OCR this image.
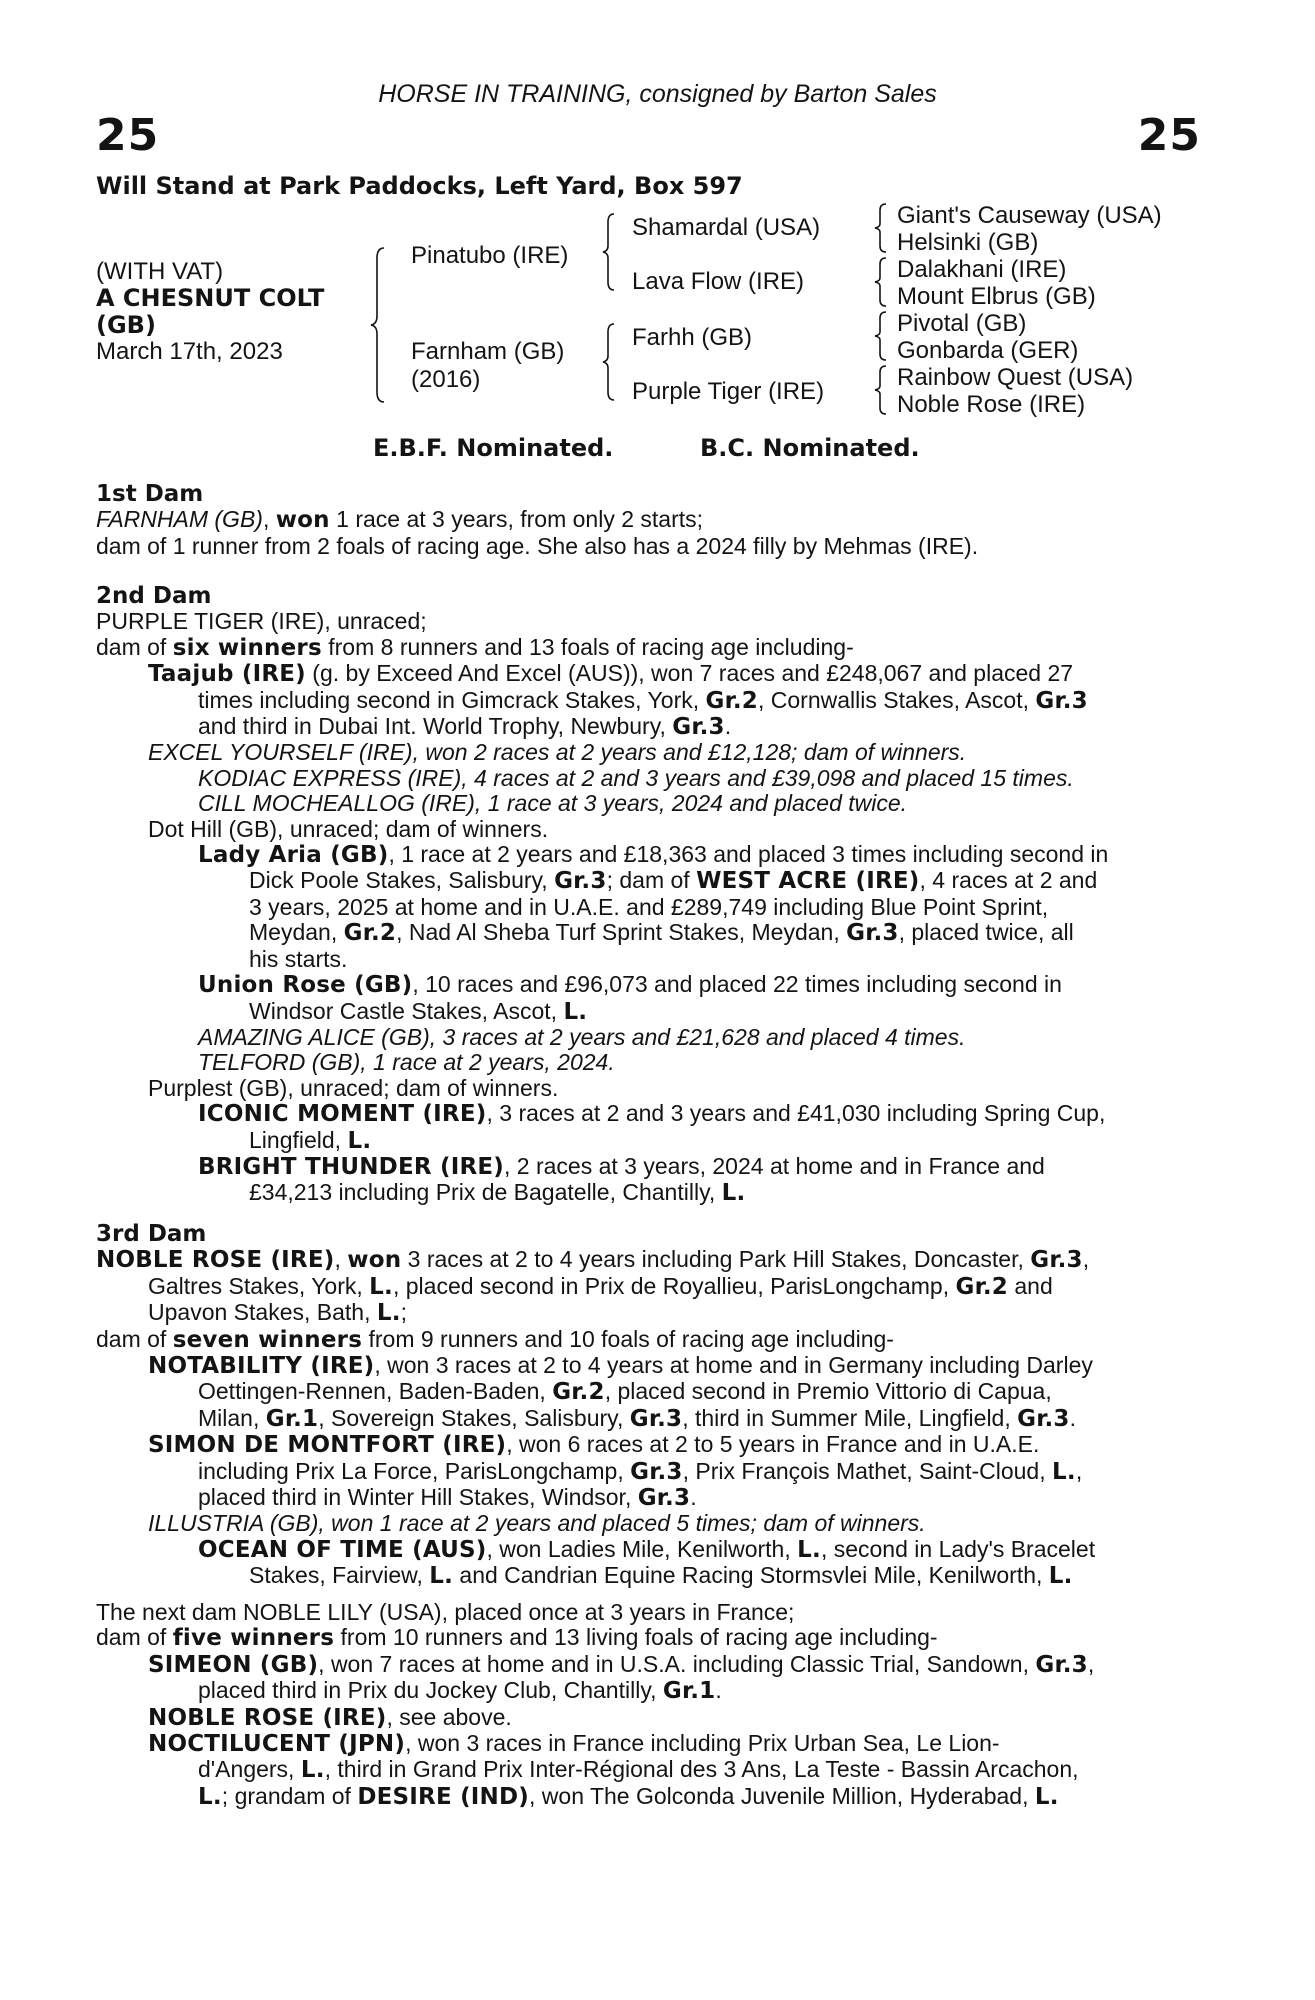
HORSE IN TRAINING, consigned by Barton Sales
25	25
Will Stand at Park Paddocks, Left Yard, Box 597
(WITH VAT)
A CHESNUT COLT
(GB)
March 17th, 2023
Pinatubo (IRE)
Farnham (GB)
(2016)
Shamardal (USA)
Lava Flow (IRE)
Farhh (GB)
Purple Tiger (IRE)
Giant's Causeway (USA)
Helsinki (GB)
Dalakhani (IRE)
Mount Elbrus (GB)
Pivotal (GB)
Gonbarda (GER)
Rainbow Quest (USA)
Noble Rose (IRE)
E.B.F. Nominated.	B.C. Nominated.
1st Dam
FARNHAM (GB), won 1 race at 3 years, from only 2 starts;
dam of 1 runner from 2 foals of racing age. She also has a 2024 filly by Mehmas (IRE).
2nd Dam
PURPLE TIGER (IRE), unraced;
dam of six winners from 8 runners and 13 foals of racing age including-
Taajub (IRE) (g. by Exceed And Excel (AUS)), won 7 races and £248,067 and placed 27
times including second in Gimcrack Stakes, York, Gr.2, Cornwallis Stakes, Ascot, Gr.3
and third in Dubai Int. World Trophy, Newbury, Gr.3.
EXCEL YOURSELF (IRE), won 2 races at 2 years and £12,128; dam of winners.
KODIAC EXPRESS (IRE), 4 races at 2 and 3 years and £39,098 and placed 15 times.
CILL MOCHEALLOG (IRE), 1 race at 3 years, 2024 and placed twice.
Dot Hill (GB), unraced; dam of winners.
Lady Aria (GB), 1 race at 2 years and £18,363 and placed 3 times including second in
Dick Poole Stakes, Salisbury, Gr.3; dam of WEST ACRE (IRE), 4 races at 2 and
3 years, 2025 at home and in U.A.E. and £289,749 including Blue Point Sprint,
Meydan, Gr.2, Nad Al Sheba Turf Sprint Stakes, Meydan, Gr.3, placed twice, all
his starts.
Union Rose (GB), 10 races and £96,073 and placed 22 times including second in
Windsor Castle Stakes, Ascot, L.
AMAZING ALICE (GB), 3 races at 2 years and £21,628 and placed 4 times.
TELFORD (GB), 1 race at 2 years, 2024.
Purplest (GB), unraced; dam of winners.
ICONIC MOMENT (IRE), 3 races at 2 and 3 years and £41,030 including Spring Cup,
Lingfield, L.
BRIGHT THUNDER (IRE), 2 races at 3 years, 2024 at home and in France and
£34,213 including Prix de Bagatelle, Chantilly, L.
3rd Dam
NOBLE ROSE (IRE), won 3 races at 2 to 4 years including Park Hill Stakes, Doncaster, Gr.3,
Galtres Stakes, York, L., placed second in Prix de Royallieu, ParisLongchamp, Gr.2 and
Upavon Stakes, Bath, L.;
dam of seven winners from 9 runners and 10 foals of racing age including-
NOTABILITY (IRE), won 3 races at 2 to 4 years at home and in Germany including Darley
Oettingen-Rennen, Baden-Baden, Gr.2, placed second in Premio Vittorio di Capua,
Milan, Gr.1, Sovereign Stakes, Salisbury, Gr.3, third in Summer Mile, Lingfield, Gr.3.
SIMON DE MONTFORT (IRE), won 6 races at 2 to 5 years in France and in U.A.E.
including Prix La Force, ParisLongchamp, Gr.3, Prix François Mathet, Saint-Cloud, L.,
placed third in Winter Hill Stakes, Windsor, Gr.3.
ILLUSTRIA (GB), won 1 race at 2 years and placed 5 times; dam of winners.
OCEAN OF TIME (AUS), won Ladies Mile, Kenilworth, L., second in Lady's Bracelet
Stakes, Fairview, L. and Candrian Equine Racing Stormsvlei Mile, Kenilworth, L.
The next dam NOBLE LILY (USA), placed once at 3 years in France;
dam of five winners from 10 runners and 13 living foals of racing age including-
SIMEON (GB), won 7 races at home and in U.S.A. including Classic Trial, Sandown, Gr.3,
placed third in Prix du Jockey Club, Chantilly, Gr.1.
NOBLE ROSE (IRE), see above.
NOCTILUCENT (JPN), won 3 races in France including Prix Urban Sea, Le Lion-
d'Angers, L., third in Grand Prix Inter-Régional des 3 Ans, La Teste - Bassin Arcachon,
L.; grandam of DESIRE (IND), won The Golconda Juvenile Million, Hyderabad, L.
